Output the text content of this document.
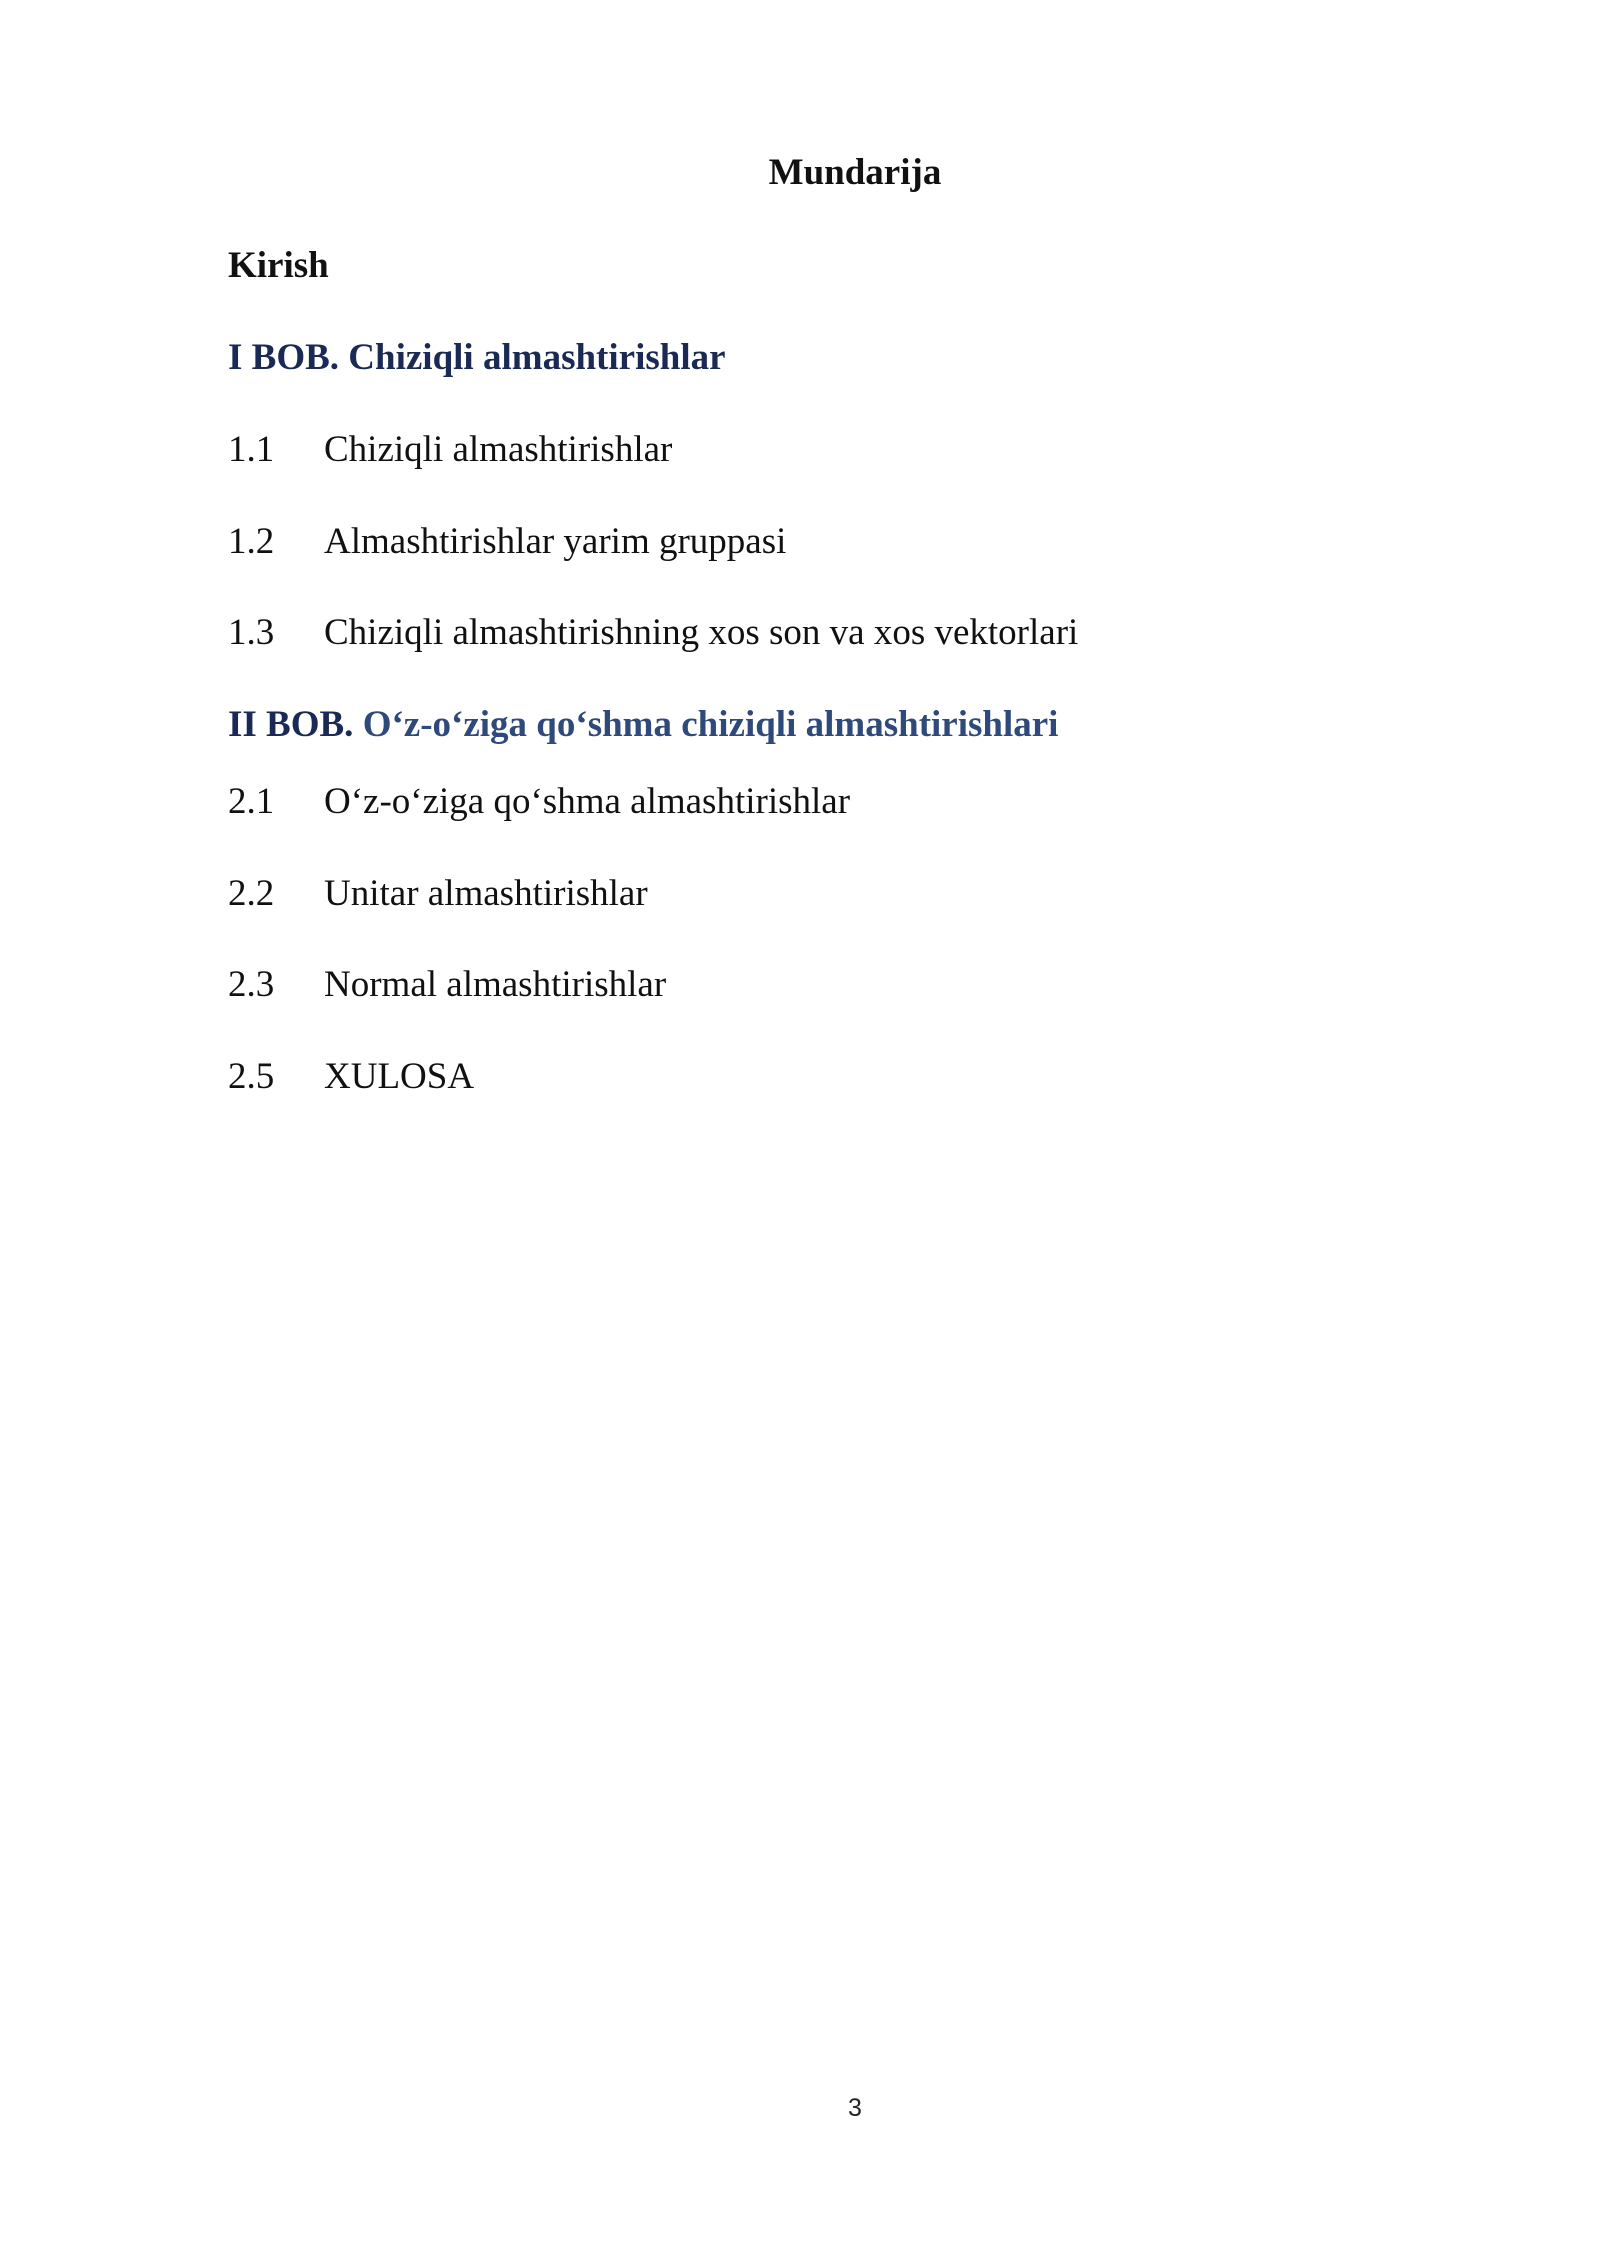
Mundarija
Kirish
I BOB. Chiziqli almashtirishlar
1.1 Chiziqli almashtirishlar
1.2 Almashtirishlar yarim gruppasi
1.3 Chiziqli almashtirishning xos son va xos vektorlari
II BOB. O‘z-o‘ziga qo‘shma chiziqli almashtirishlari
2.1 O‘z-o‘ziga qo‘shma almashtirishlar
2.2 Unitar almashtirishlar
2.3 Normal almashtirishlar
2.5 XULOSA
3
